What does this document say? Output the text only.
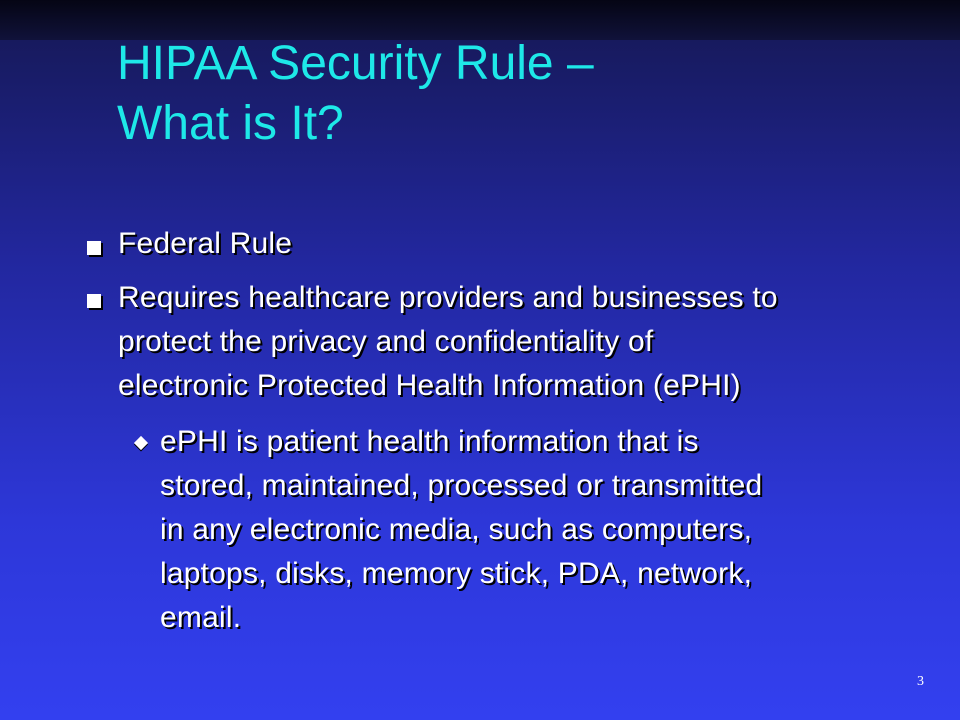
HIPAA Security Rule –
What is It?
Federal Rule
Requires healthcare providers and businesses to
protect the privacy and confidentiality of
electronic Protected Health Information (ePHI)
ePHI is patient health information that is
stored, maintained, processed or transmitted
in any electronic media, such as computers,
laptops, disks, memory stick, PDA, network,
email.
3
